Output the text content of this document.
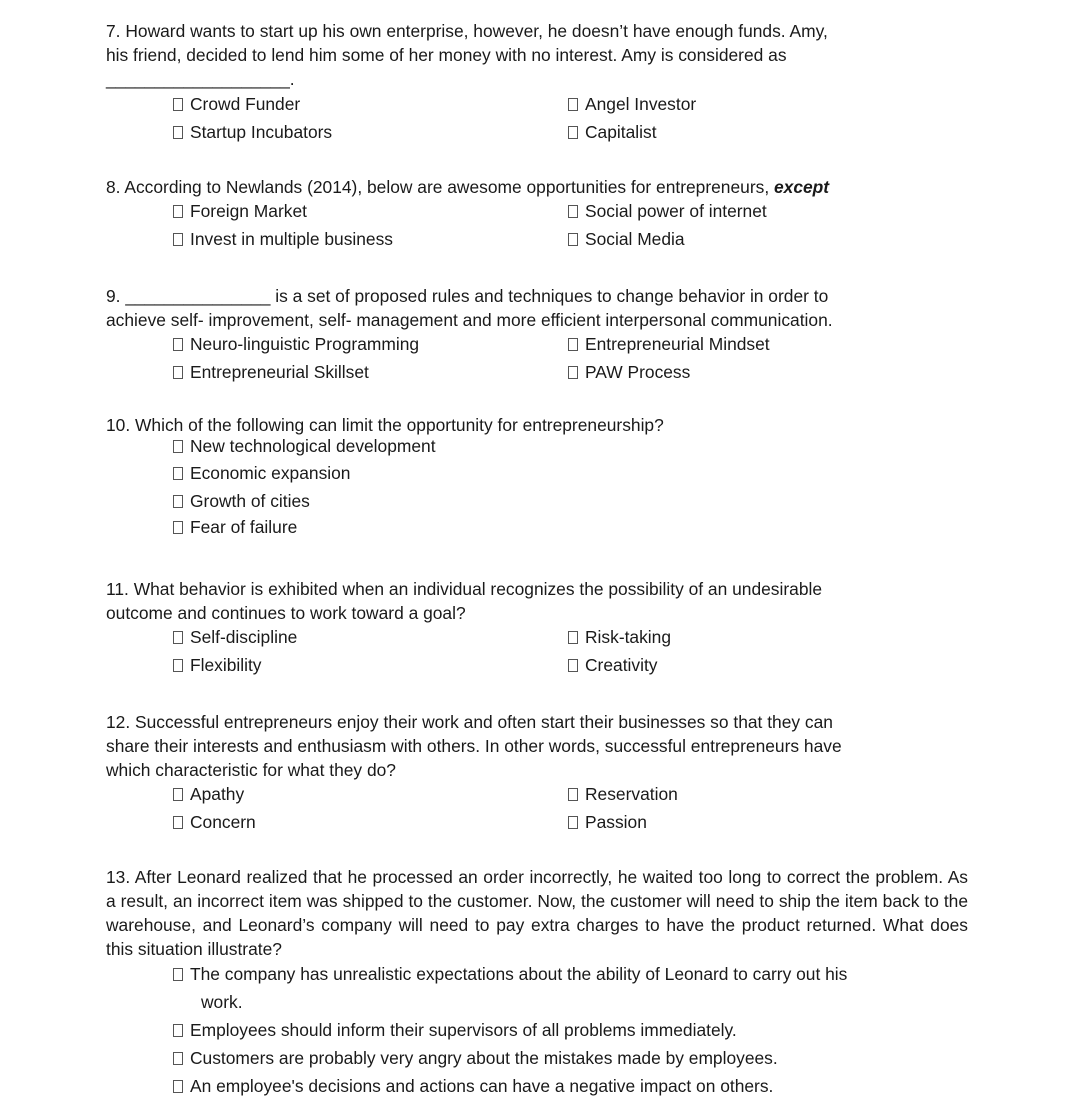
7. Howard wants to start up his own enterprise, however, he doesn’t have enough funds. Amy,
his friend, decided to lend him some of her money with no interest. Amy is considered as
___________________.

Crowd Funder	Angel Investor
Startup Incubators	Capitalist

8. According to Newlands (2014), below are awesome opportunities for entrepreneurs, except

Foreign Market	Social power of internet
Invest in multiple business	Social Media

9. _______________ is a set of proposed rules and techniques to change behavior in order to
achieve self- improvement, self- management and more efficient interpersonal communication.

Neuro-linguistic Programming	Entrepreneurial Mindset
Entrepreneurial Skillset	PAW Process

10. Which of the following can limit the opportunity for entrepreneurship?

New technological development
Economic expansion
Growth of cities
Fear of failure

11. What behavior is exhibited when an individual recognizes the possibility of an undesirable
outcome and continues to work toward a goal?

Self-discipline	Risk-taking
Flexibility	Creativity

12. Successful entrepreneurs enjoy their work and often start their businesses so that they can
share their interests and enthusiasm with others. In other words, successful entrepreneurs have
which characteristic for what they do?

Apathy	Reservation
Concern	Passion

13. After Leonard realized that he processed an order incorrectly, he waited too long to correct the problem. As a result, an incorrect item was shipped to the customer. Now, the customer will need to ship the item back to the warehouse, and Leonard’s company will need to pay extra charges to have the product returned. What does this situation illustrate?

The company has unrealistic expectations about the ability of Leonard to carry out his
work.
Employees should inform their supervisors of all problems immediately.
Customers are probably very angry about the mistakes made by employees.
An employee's decisions and actions can have a negative impact on others.
